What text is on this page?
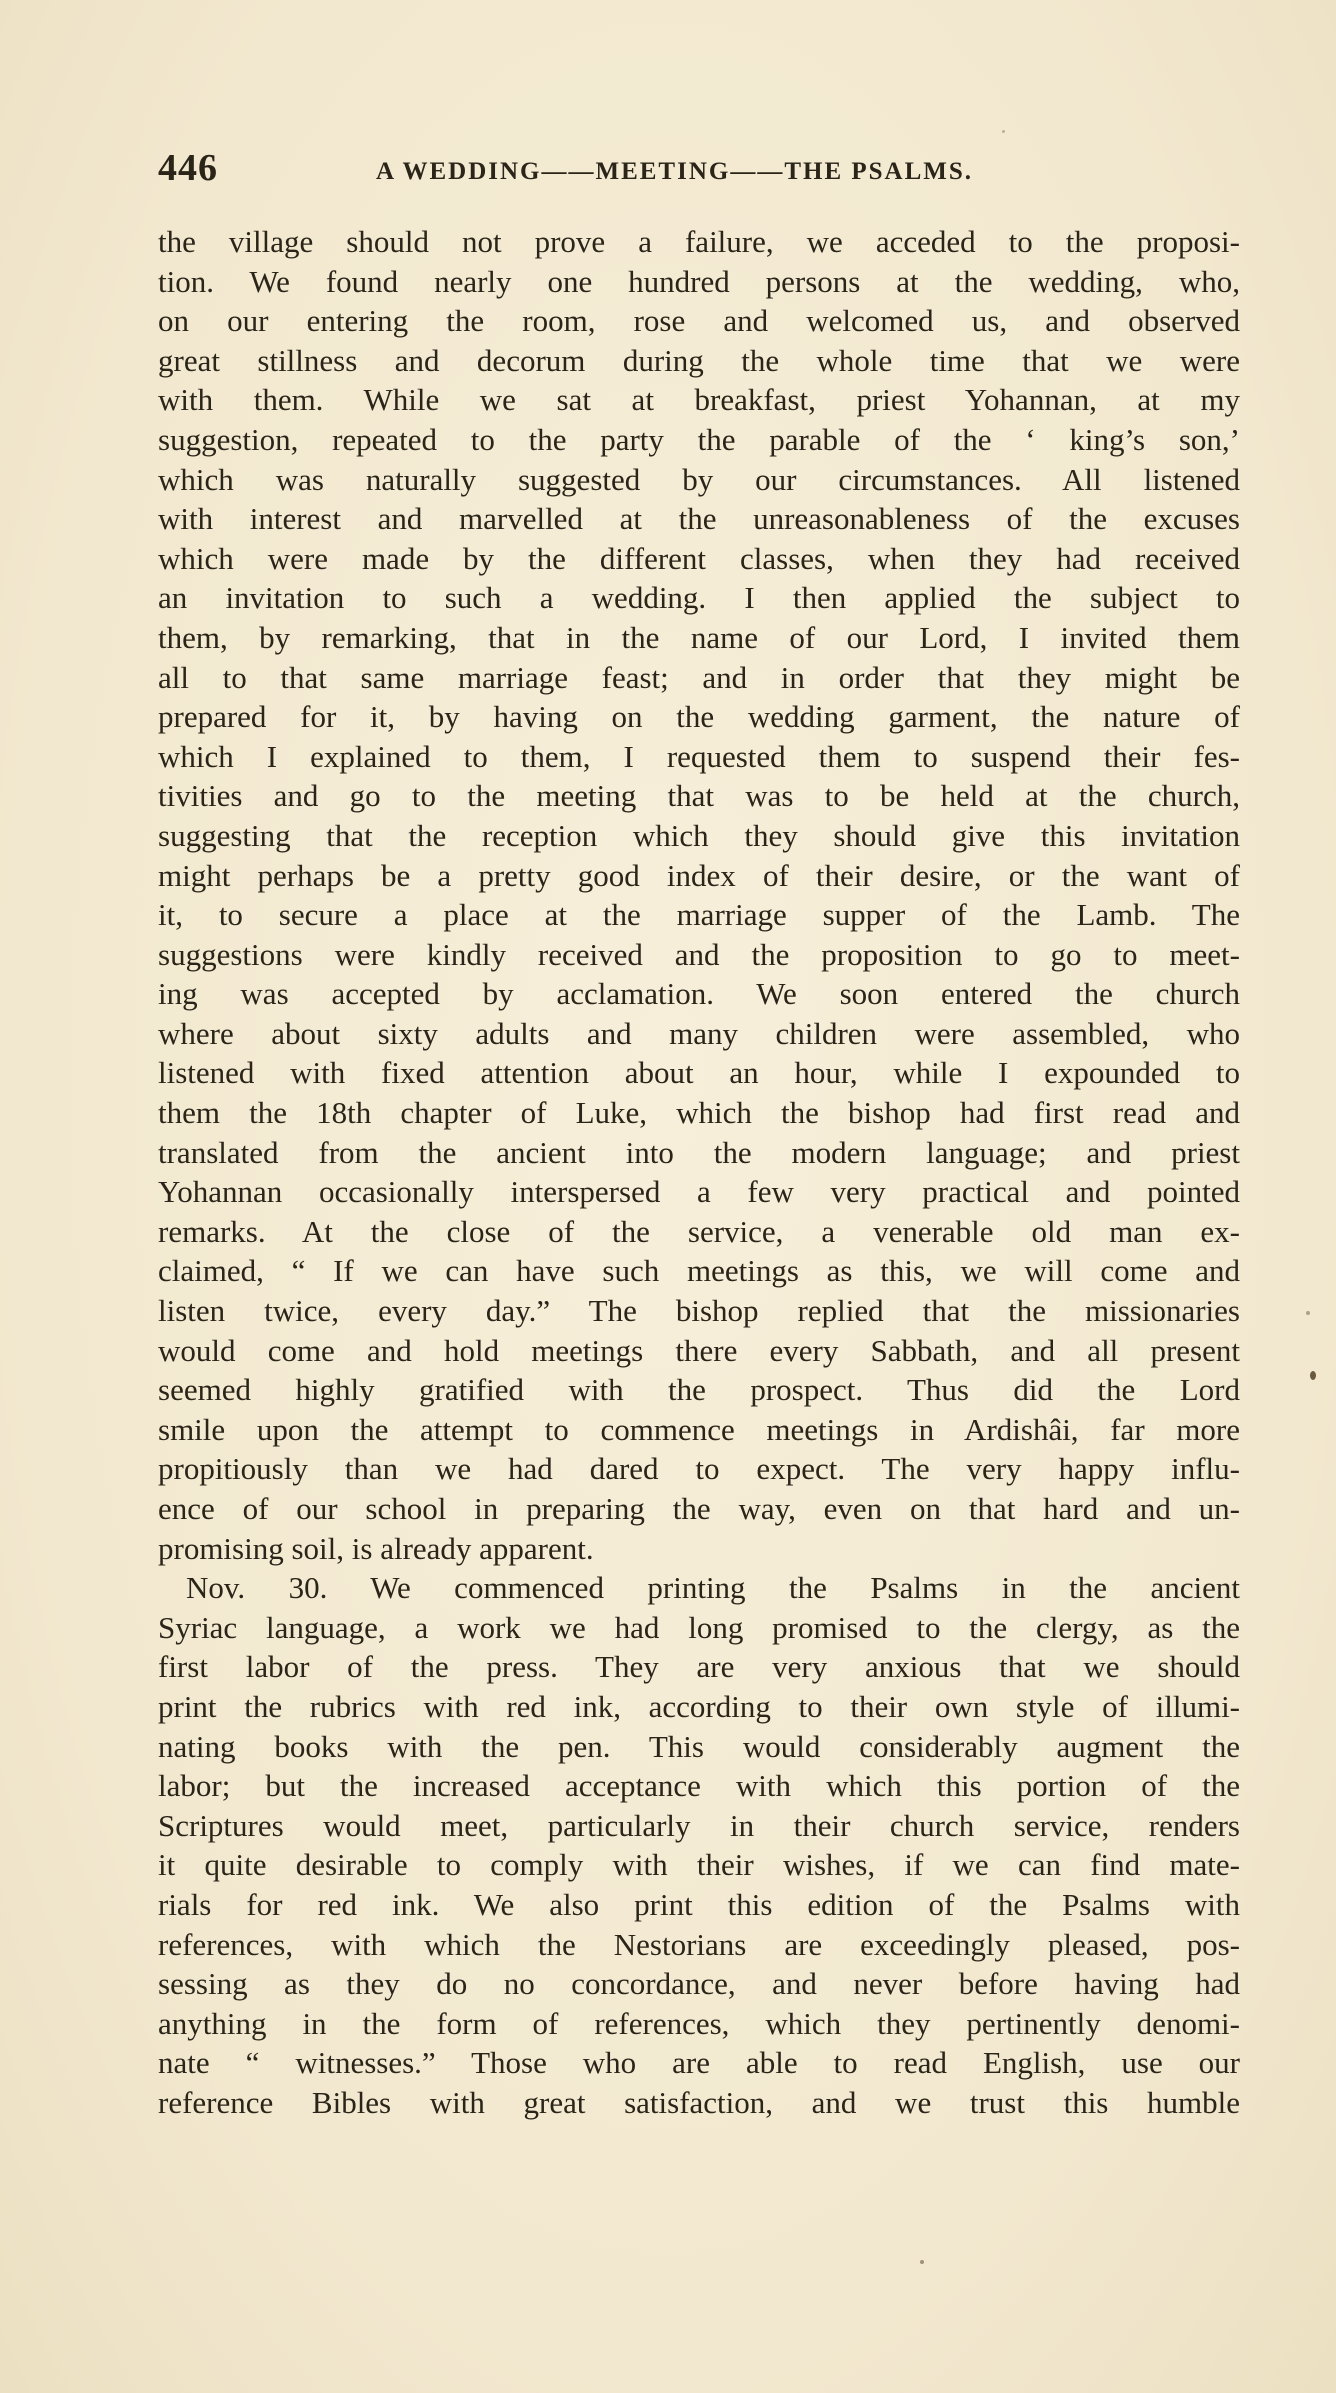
446	A WEDDING——MEETING——THE PSALMS.
the village should not prove a failure, we acceded to the proposi-
tion. We found nearly one hundred persons at the wedding, who,
on our entering the room, rose and welcomed us, and observed
great stillness and decorum during the whole time that we were
with them. While we sat at breakfast, priest Yohannan, at my
suggestion, repeated to the party the parable of the ‘ king’s son,’
which was naturally suggested by our circumstances. All listened
with interest and marvelled at the unreasonableness of the excuses
which were made by the different classes, when they had received
an invitation to such a wedding. I then applied the subject to
them, by remarking, that in the name of our Lord, I invited them
all to that same marriage feast; and in order that they might be
prepared for it, by having on the wedding garment, the nature of
which I explained to them, I requested them to suspend their fes-
tivities and go to the meeting that was to be held at the church,
suggesting that the reception which they should give this invitation
might perhaps be a pretty good index of their desire, or the want of
it, to secure a place at the marriage supper of the Lamb. The
suggestions were kindly received and the proposition to go to meet-
ing was accepted by acclamation. We soon entered the church
where about sixty adults and many children were assembled, who
listened with fixed attention about an hour, while I expounded to
them the 18th chapter of Luke, which the bishop had first read and
translated from the ancient into the modern language; and priest
Yohannan occasionally interspersed a few very practical and pointed
remarks. At the close of the service, a venerable old man ex-
claimed, “ If we can have such meetings as this, we will come and
listen twice, every day.” The bishop replied that the missionaries
would come and hold meetings there every Sabbath, and all present
seemed highly gratified with the prospect. Thus did the Lord
smile upon the attempt to commence meetings in Ardishâi, far more
propitiously than we had dared to expect. The very happy influ-
ence of our school in preparing the way, even on that hard and un-
promising soil, is already apparent.
Nov. 30. We commenced printing the Psalms in the ancient
Syriac language, a work we had long promised to the clergy, as the
first labor of the press. They are very anxious that we should
print the rubrics with red ink, according to their own style of illumi-
nating books with the pen. This would considerably augment the
labor; but the increased acceptance with which this portion of the
Scriptures would meet, particularly in their church service, renders
it quite desirable to comply with their wishes, if we can find mate-
rials for red ink. We also print this edition of the Psalms with
references, with which the Nestorians are exceedingly pleased, pos-
sessing as they do no concordance, and never before having had
anything in the form of references, which they pertinently denomi-
nate “ witnesses.” Those who are able to read English, use our
reference Bibles with great satisfaction, and we trust this humble
